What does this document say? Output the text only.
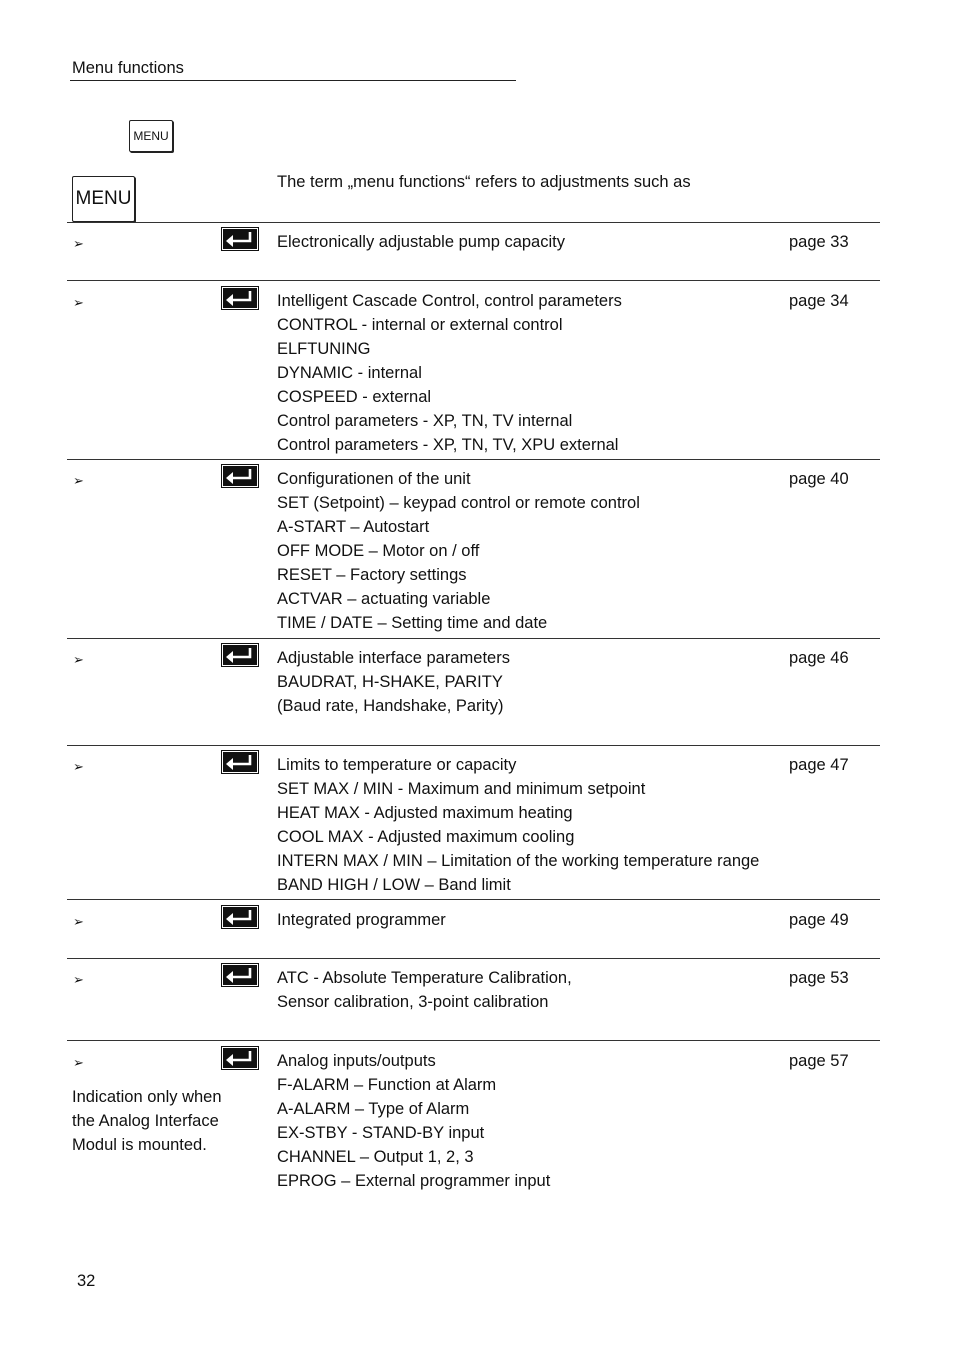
Menu functions
MENU
MENU
The term „menu functions“ refers to adjustments such as
➢	Electronically adjustable pump capacity	page 33
➢	Intelligent Cascade Control, control parameters
CONTROL - internal or external control
ELFTUNING
DYNAMIC - internal
COSPEED - external
Control parameters - XP, TN, TV internal
Control parameters - XP, TN, TV, XPU external
page 34
➢	Configurationen of the unit
SET (Setpoint) – keypad control or remote control
A-START – Autostart
OFF MODE – Motor on / off
RESET – Factory settings
ACTVAR – actuating variable
TIME / DATE – Setting time and date
page 40
➢	Adjustable interface parameters
BAUDRAT, H-SHAKE, PARITY
(Baud rate, Handshake, Parity)
page 46
➢	Limits to temperature or capacity
SET MAX / MIN - Maximum and minimum setpoint
HEAT MAX - Adjusted maximum heating
COOL MAX - Adjusted maximum cooling
INTERN MAX / MIN – Limitation of the working temperature range
BAND HIGH / LOW – Band limit
page 47
➢	Integrated programmer	page 49
➢	ATC - Absolute Temperature Calibration,
Sensor calibration, 3-point calibration
page 53
➢	Analog inputs/outputs
F-ALARM – Function at Alarm
A-ALARM – Type of Alarm
EX-STBY - STAND-BY input
CHANNEL – Output 1, 2, 3
EPROG – External programmer input
page 57
Indication only when
the Analog Interface
Modul is mounted.
32
